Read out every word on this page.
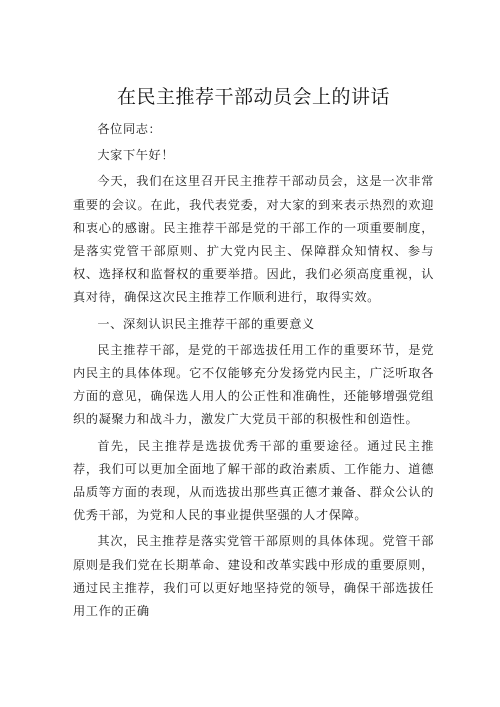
在民主推荐干部动员会上的讲话

各位同志：

大家下午好！

今天，我们在这里召开民主推荐干部动员会，这是一次非常重要的会议。在此，我代表党委，对大家的到来表示热烈的欢迎和衷心的感谢。民主推荐干部是党的干部工作的一项重要制度，是落实党管干部原则、扩大党内民主、保障群众知情权、参与权、选择权和监督权的重要举措。因此，我们必须高度重视，认真对待，确保这次民主推荐工作顺利进行，取得实效。

一、深刻认识民主推荐干部的重要意义

民主推荐干部，是党的干部选拔任用工作的重要环节，是党内民主的具体体现。它不仅能够充分发扬党内民主，广泛听取各方面的意见，确保选人用人的公正性和准确性，还能够增强党组织的凝聚力和战斗力，激发广大党员干部的积极性和创造性。

首先，民主推荐是选拔优秀干部的重要途径。通过民主推荐，我们可以更加全面地了解干部的政治素质、工作能力、道德品质等方面的表现，从而选拔出那些真正德才兼备、群众公认的优秀干部，为党和人民的事业提供坚强的人才保障。

其次，民主推荐是落实党管干部原则的具体体现。党管干部原则是我们党在长期革命、建设和改革实践中形成的重要原则，通过民主推荐，我们可以更好地坚持党的领导，确保干部选拔任用工作的正确
